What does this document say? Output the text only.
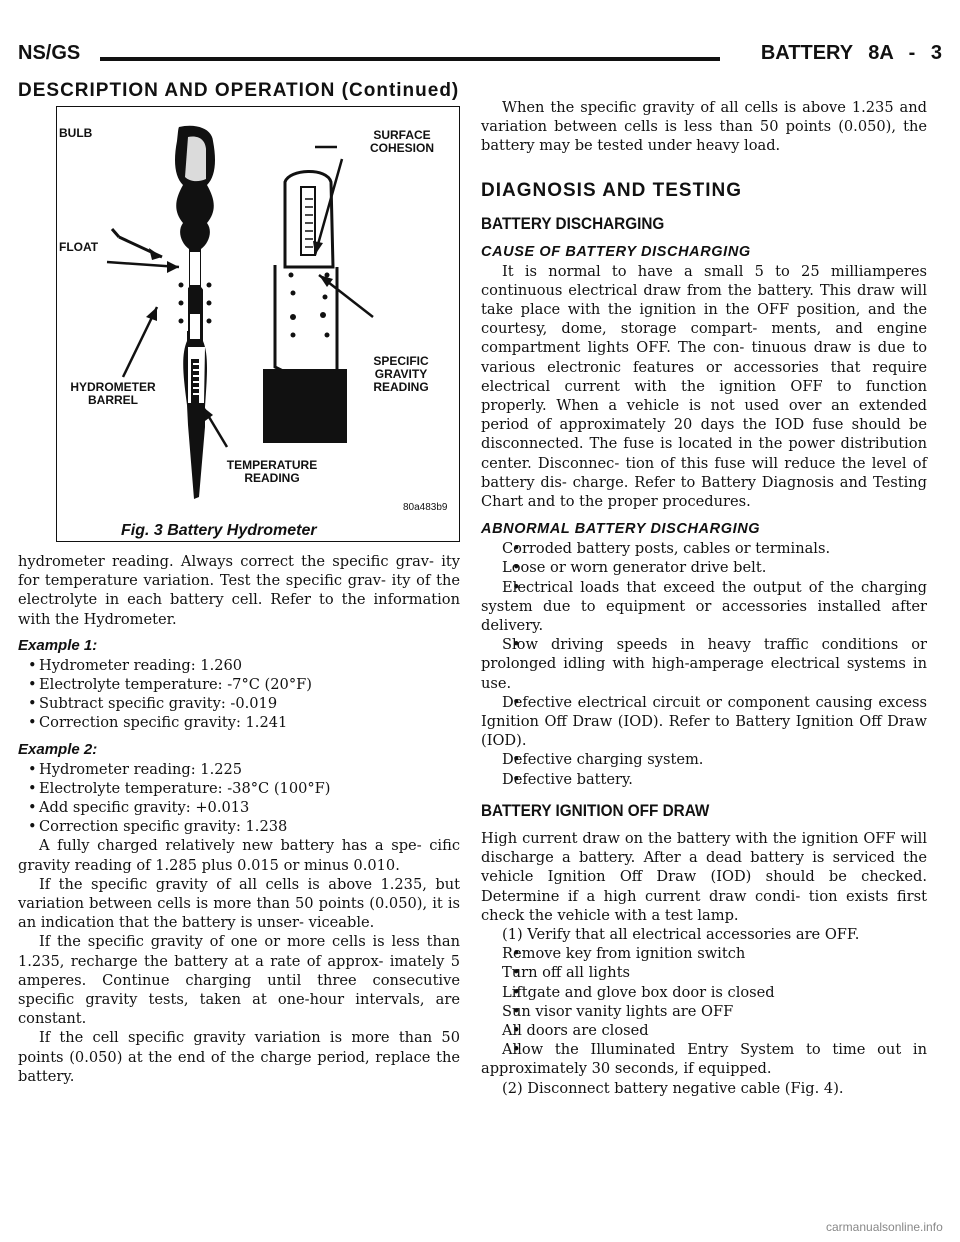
NS/GS	BATTERY 8A - 3
DESCRIPTION AND OPERATION (Continued)
BULB	SURFACE COHESION
FLOAT
HYDROMETER BARREL
SPECIFIC GRAVITY READING
TEMPERATURE READING
80a483b9
Fig. 3 Battery Hydrometer

hydrometer reading. Always correct the specific grav- ity for temperature variation. Test the specific grav- ity of the electrolyte in each battery cell. Refer to the information with the Hydrometer.

Example 1:
• Hydrometer reading: 1.260
• Electrolyte temperature: -7°C (20°F)
• Subtract specific gravity: -0.019
• Correction specific gravity: 1.241
Example 2:
• Hydrometer reading: 1.225
• Electrolyte temperature: -38°C (100°F)
• Add specific gravity: +0.013
• Correction specific gravity: 1.238

A fully charged relatively new battery has a spe- cific gravity reading of 1.285 plus 0.015 or minus 0.010.

If the specific gravity of all cells is above 1.235, but variation between cells is more than 50 points (0.050), it is an indication that the battery is unser- viceable.

If the specific gravity of one or more cells is less than 1.235, recharge the battery at a rate of approx- imately 5 amperes. Continue charging until three consecutive specific gravity tests, taken at one-hour intervals, are constant.

If the cell specific gravity variation is more than 50 points (0.050) at the end of the charge period, replace the battery.

When the specific gravity of all cells is above 1.235 and variation between cells is less than 50 points (0.050), the battery may be tested under heavy load.

DIAGNOSIS AND TESTING
BATTERY DISCHARGING
CAUSE OF BATTERY DISCHARGING

It is normal to have a small 5 to 25 milliamperes continuous electrical draw from the battery. This draw will take place with the ignition in the OFF position, and the courtesy, dome, storage compart- ments, and engine compartment lights OFF. The con- tinuous draw is due to various electronic features or accessories that require electrical current with the ignition OFF to function properly. When a vehicle is not used over an extended period of approximately 20 days the IOD fuse should be disconnected. The fuse is located in the power distribution center. Disconnec- tion of this fuse will reduce the level of battery dis- charge. Refer to Battery Diagnosis and Testing Chart and to the proper procedures.

ABNORMAL BATTERY DISCHARGING
• Corroded battery posts, cables or terminals.
• Loose or worn generator drive belt.
• Electrical loads that exceed the output of the charging system due to equipment or accessories installed after delivery.
• Slow driving speeds in heavy traffic conditions or prolonged idling with high-amperage electrical systems in use.
• Defective electrical circuit or component causing excess Ignition Off Draw (IOD). Refer to Battery Ignition Off Draw (IOD).
• Defective charging system.
• Defective battery.
BATTERY IGNITION OFF DRAW

High current draw on the battery with the ignition OFF will discharge a battery. After a dead battery is serviced the vehicle Ignition Off Draw (IOD) should be checked. Determine if a high current draw condi- tion exists first check the vehicle with a test lamp.

(1) Verify that all electrical accessories are OFF.

• Remove key from ignition switch
• Turn off all lights
• Liftgate and glove box door is closed
• Sun visor vanity lights are OFF
• All doors are closed
• Allow the Illuminated Entry System to time out in approximately 30 seconds, if equipped.

(2) Disconnect battery negative cable (Fig. 4).

carmanualsonline.info
